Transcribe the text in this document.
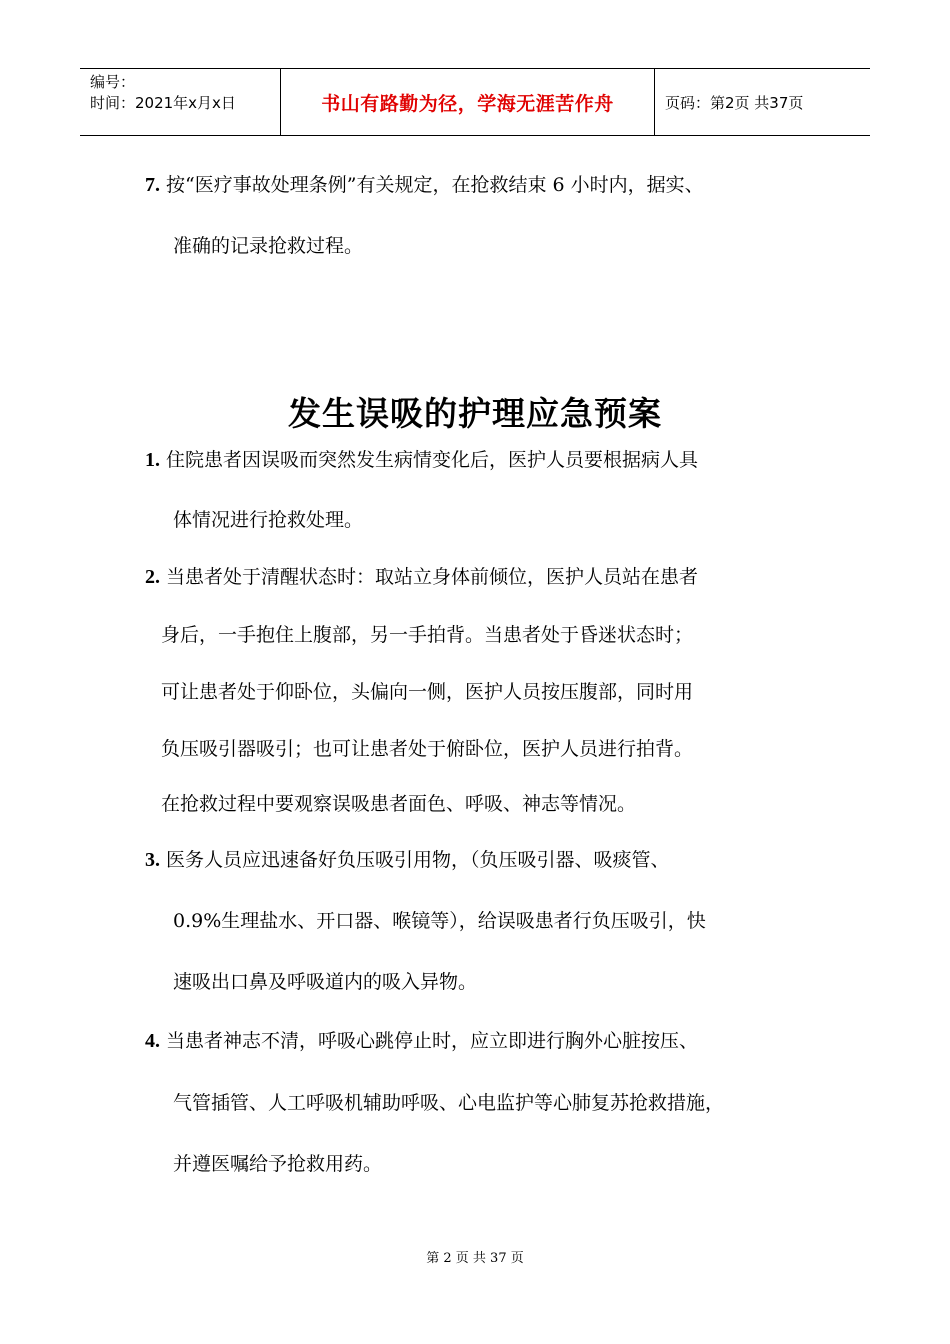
编号：
时间：2021年x月x日	书山有路勤为径，学海无涯苦作舟	页码：第2页 共37页
7. 按“医疗事故处理条例”有关规定，在抢救结束 6 小时内，据实、
准确的记录抢救过程。
发生误吸的护理应急预案
1. 住院患者因误吸而突然发生病情变化后，医护人员要根据病人具
体情况进行抢救处理。
2. 当患者处于清醒状态时：取站立身体前倾位，医护人员站在患者
身后，一手抱住上腹部，另一手拍背。当患者处于昏迷状态时；
可让患者处于仰卧位，头偏向一侧，医护人员按压腹部，同时用
负压吸引器吸引；也可让患者处于俯卧位，医护人员进行拍背。
在抢救过程中要观察误吸患者面色、呼吸、神志等情况。
3. 医务人员应迅速备好负压吸引用物，（负压吸引器、吸痰管、
0.9%生理盐水、开口器、喉镜等），给误吸患者行负压吸引，快
速吸出口鼻及呼吸道内的吸入异物。
4. 当患者神志不清，呼吸心跳停止时，应立即进行胸外心脏按压、
气管插管、人工呼吸机辅助呼吸、心电监护等心肺复苏抢救措施，
并遵医嘱给予抢救用药。
第 2 页 共 37 页
